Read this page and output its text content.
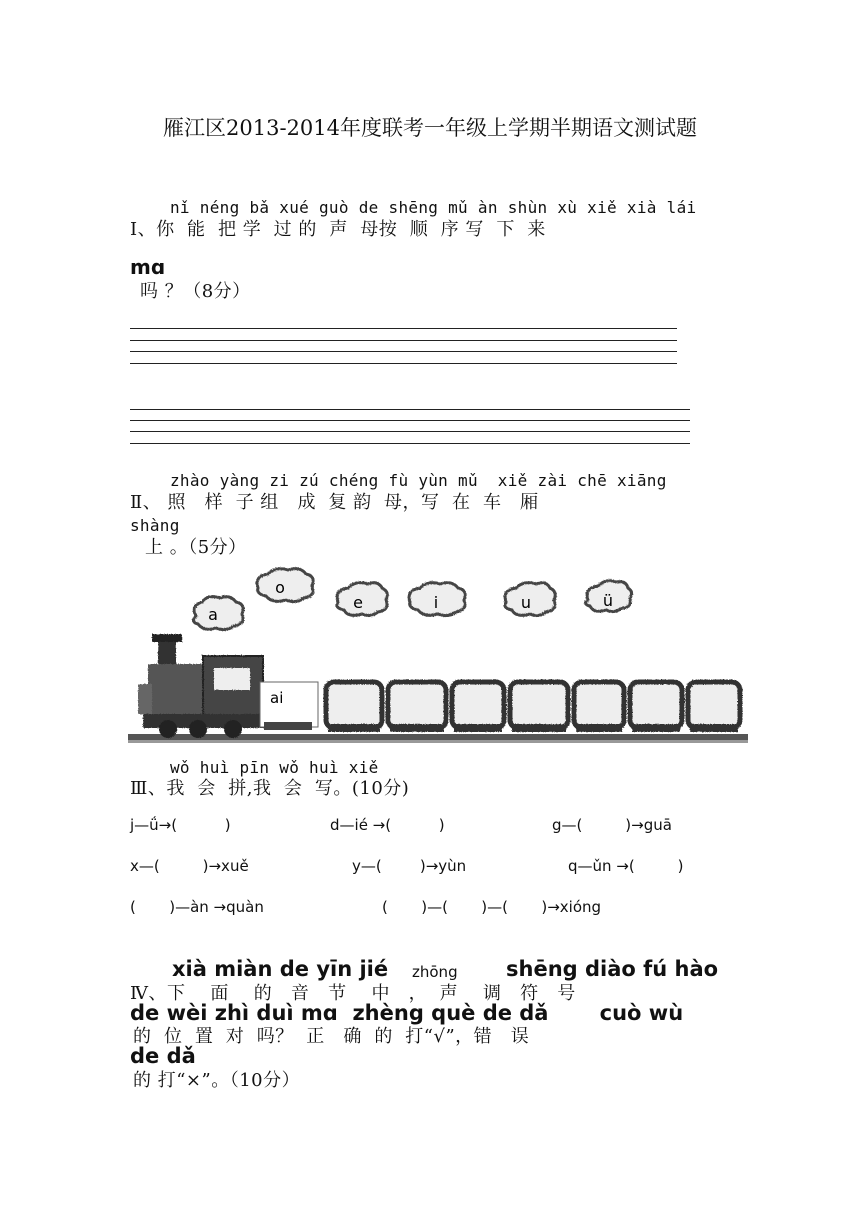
雁江区2013-2014年度联考一年级上学期半期语文测试题
nǐ néng bǎ xué guò de shēng mǔ àn shùn xù xiě xià lái
Ⅰ、你  能  把 学  过 的  声  母按  顺  序 写  下  来
mɑ
吗 ？（8分）
zhào yàng zi zú chéng fù yùn mǔ  xiě zài chē xiāng
Ⅱ、 照   样  子 组   成  复 韵  母，写  在  车   厢
shàng
上 。（5分）
a
o
e	i	u	ü
ai
wǒ huì pīn wǒ huì xiě
Ⅲ、我  会  拼,我  会  写。(10分)
j—ǘ→(          )	d—ié →(          )	g—(         )→guā
x—(         )→xuě	y—(        )→yùn	q—ǔn →(         )
(       )—àn →quàn	(       )—(       )—(       )→xióng
xià miàn de yīn jié zhōng shēng diào fú hào
Ⅳ、下    面    的   音   节    中   ，  声    调   符   号
de wèi zhì duì mɑ  zhèng què de dǎ       cuò wù
的  位  置  对  吗？  正   确  的  打“√”，错   误
de dǎ
的 打“×”。（10分）
